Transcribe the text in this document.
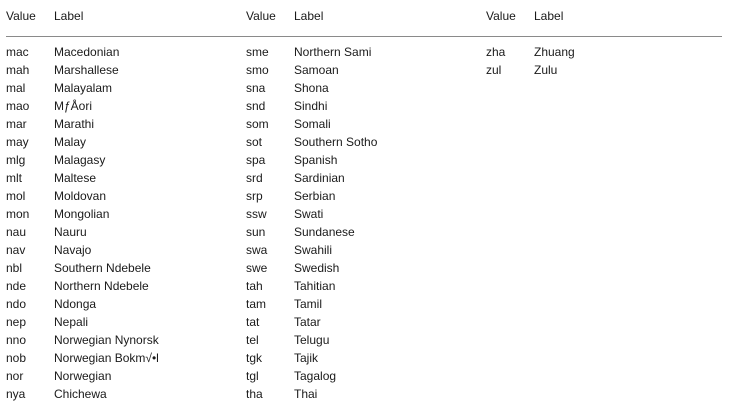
Value Label
mac Macedonian
mah Marshallese
mal Malayalam
mao MƒÅori
mar Marathi
may Malay
mlg Malagasy
mlt	Maltese
mol Moldovan
mon Mongolian
nau Nauru
nav Navajo
nbl	Southern Ndebele
nde Northern Ndebele
ndo Ndonga
nep Nepali
nno Norwegian Nynorsk
nob Norwegian Bokm√•l
nor	Norwegian
nya Chichewa
Value Label
sme Northern Sami
smo Samoan
sna Shona
snd Sindhi
som Somali
sot	Southern Sotho
spa Spanish
srd	Sardinian
srp	Serbian
ssw Swati
sun Sundanese
swa Swahili
swe Swedish
tah	Tahitian
tam Tamil
tat	Tatar
tel	Telugu
tgk	Tajik
tgl	Tagalog
tha	Thai
Value Label
zha Zhuang
zul	Zulu
